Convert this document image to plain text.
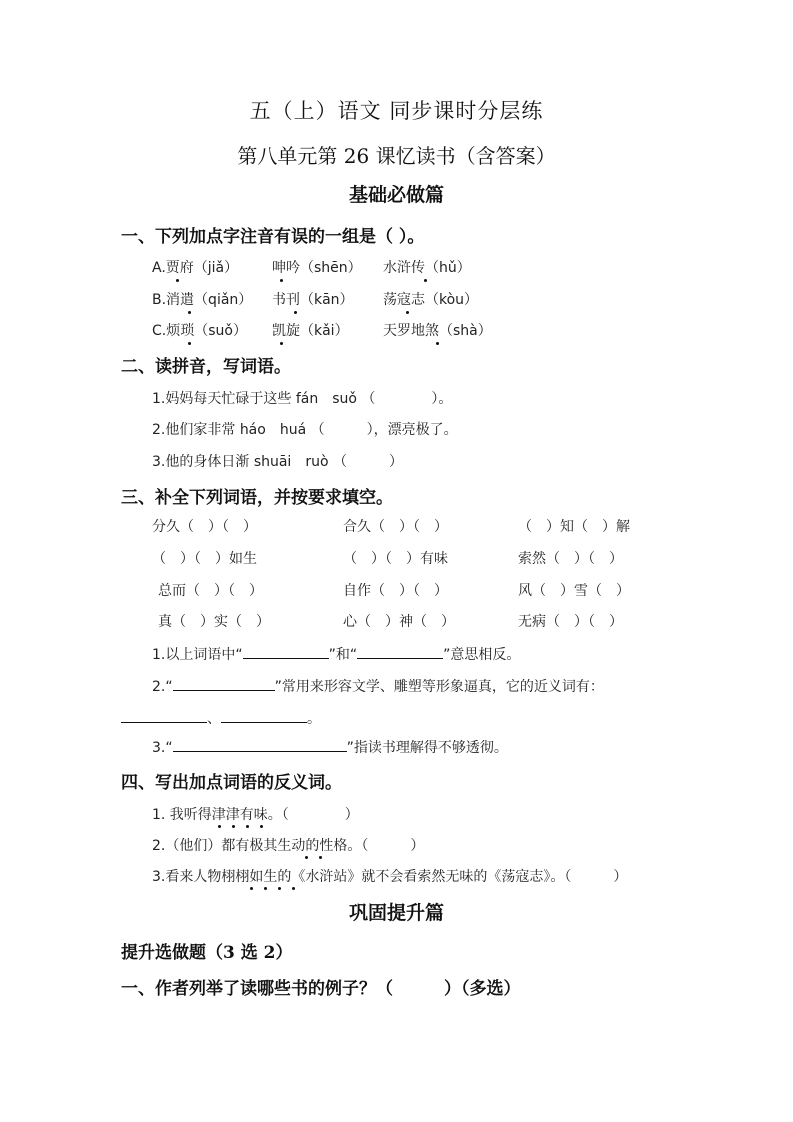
五（上）语文 同步课时分层练
第八单元第 26 课忆读书（含答案）
基础必做篇
一、下列加点字注音有误的一组是（ ）。
A.贾府（jiǎ） 呻吟（shēn） 水浒传（hǔ）
B.消遣（qiǎn） 书刊（kān） 荡寇志（kòu）
C.烦琐（suǒ） 凯旋（kǎi） 天罗地煞（shà）
二、读拼音，写词语。
1.妈妈每天忙碌于这些 fán　suǒ （　　　　）。
2.他们家非常 háo　huá （　　　），漂亮极了。
3.他的身体日渐 shuāi　ruò （　　　）
三、补全下列词语，并按要求填空。
分久（　）（　）	合久（　）（　）	（　）知（　）解
（　）（　）如生	（　）（　）有味	索然（　）（　）
总而（　）（　）	自作（　）（　）	风（　）雪（　）
真（　）实（　）	心（　）神（　）	无病（　）（　）
1.以上词语中“	”和“	”意思相反。
2.“	”常用来形容文学、雕塑等形象逼真，它的近义词有：
、	。
3.“	”指读书理解得不够透彻。
四、写出加点词语的反义词。
1. 我听得津津有味。（　　　　）
2.（他们）都有极其生动的性格。（　　　）
3.看来人物栩栩如生的《水浒站》就不会看索然无味的《荡寇志》。（　　　）
巩固提升篇
提升选做题（3 选 2）
一、作者列举了读哪些书的例子？（　　　）（多选）
